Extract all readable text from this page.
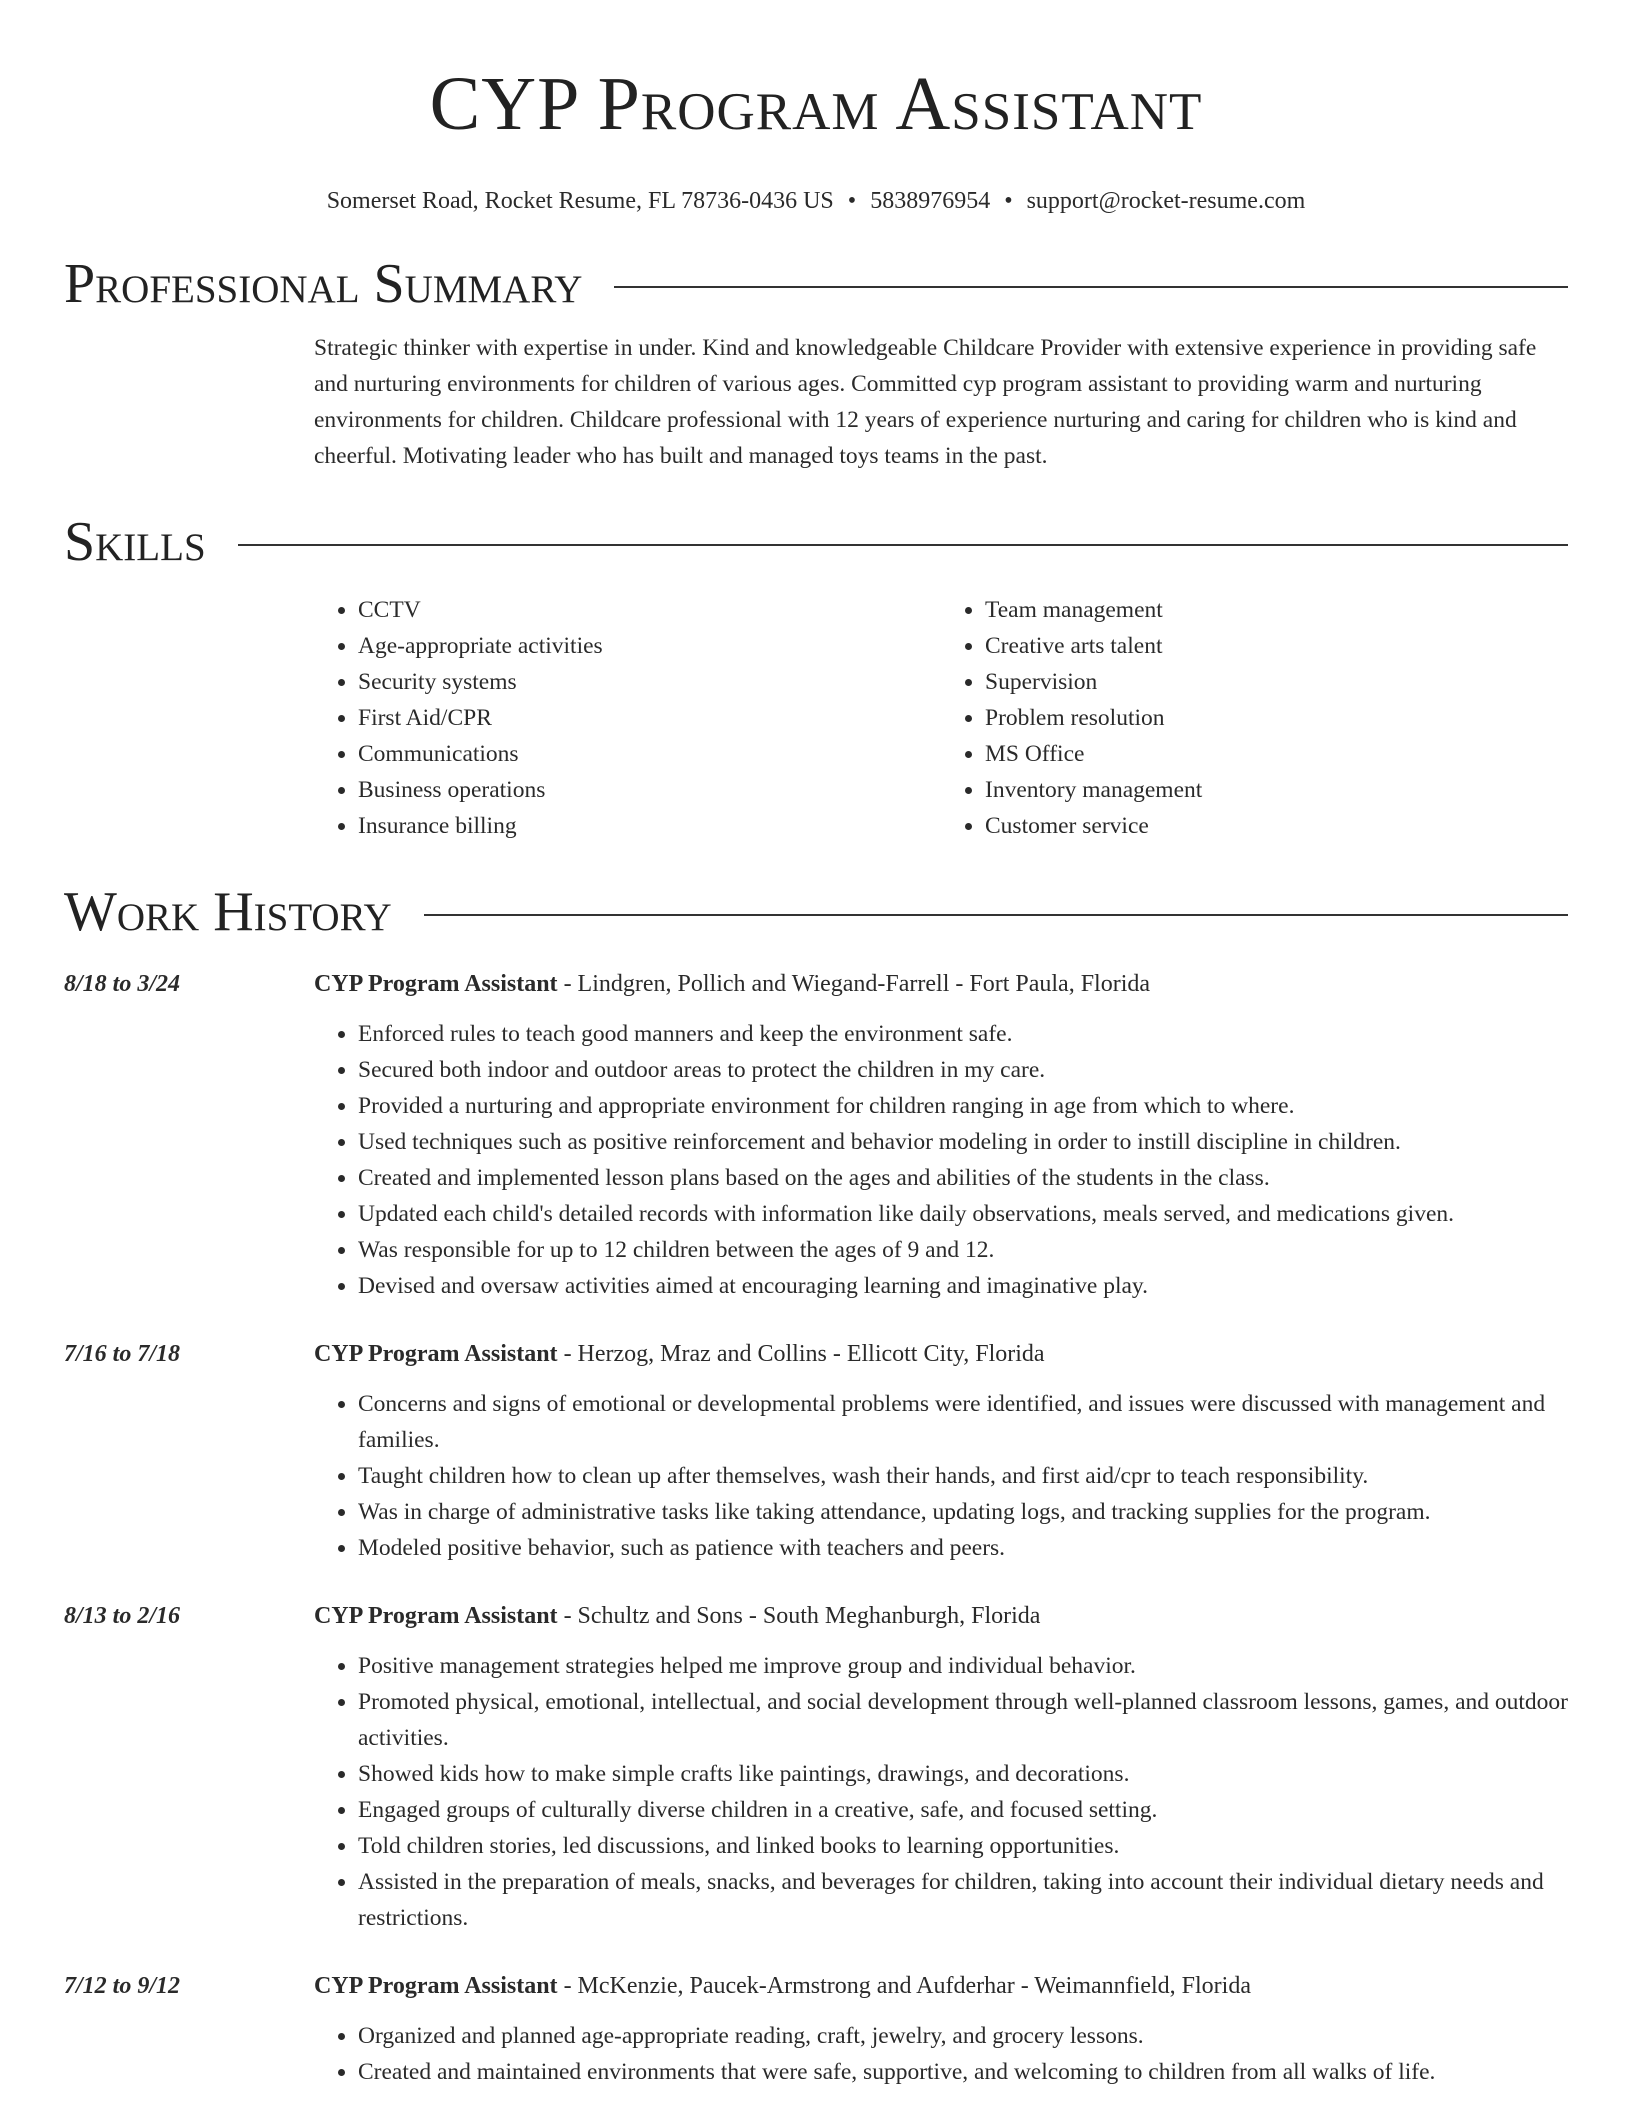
CYP Program Assistant
Somerset Road, Rocket Resume, FL 78736-0436 US • 5838976954 • support@rocket-resume.com
Professional Summary
Strategic thinker with expertise in under. Kind and knowledgeable Childcare Provider with extensive experience in providing safe and nurturing environments for children of various ages. Committed cyp program assistant to providing warm and nurturing environments for children. Childcare professional with 12 years of experience nurturing and caring for children who is kind and cheerful. Motivating leader who has built and managed toys teams in the past.
Skills
• CCTV
• Age-appropriate activities
• Security systems
• First Aid/CPR
• Communications
• Business operations
• Insurance billing
• Team management
• Creative arts talent
• Supervision
• Problem resolution
• MS Office
• Inventory management
• Customer service
Work History
8/18 to 3/24	CYP Program Assistant - Lindgren, Pollich and Wiegand-Farrell - Fort Paula, Florida
• Enforced rules to teach good manners and keep the environment safe.
• Secured both indoor and outdoor areas to protect the children in my care.
• Provided a nurturing and appropriate environment for children ranging in age from which to where.
• Used techniques such as positive reinforcement and behavior modeling in order to instill discipline in children.
• Created and implemented lesson plans based on the ages and abilities of the students in the class.
• Updated each child's detailed records with information like daily observations, meals served, and medications given.
• Was responsible for up to 12 children between the ages of 9 and 12.
• Devised and oversaw activities aimed at encouraging learning and imaginative play.
7/16 to 7/18	CYP Program Assistant - Herzog, Mraz and Collins - Ellicott City, Florida
• Concerns and signs of emotional or developmental problems were identified, and issues were discussed with management and families.
• Taught children how to clean up after themselves, wash their hands, and first aid/cpr to teach responsibility.
• Was in charge of administrative tasks like taking attendance, updating logs, and tracking supplies for the program.
• Modeled positive behavior, such as patience with teachers and peers.
8/13 to 2/16	CYP Program Assistant - Schultz and Sons - South Meghanburgh, Florida
• Positive management strategies helped me improve group and individual behavior.
• Promoted physical, emotional, intellectual, and social development through well-planned classroom lessons, games, and outdoor activities.
• Showed kids how to make simple crafts like paintings, drawings, and decorations.
• Engaged groups of culturally diverse children in a creative, safe, and focused setting.
• Told children stories, led discussions, and linked books to learning opportunities.
• Assisted in the preparation of meals, snacks, and beverages for children, taking into account their individual dietary needs and restrictions.
7/12 to 9/12	CYP Program Assistant - McKenzie, Paucek-Armstrong and Aufderhar - Weimannfield, Florida
• Organized and planned age-appropriate reading, craft, jewelry, and grocery lessons.
• Created and maintained environments that were safe, supportive, and welcoming to children from all walks of life.
